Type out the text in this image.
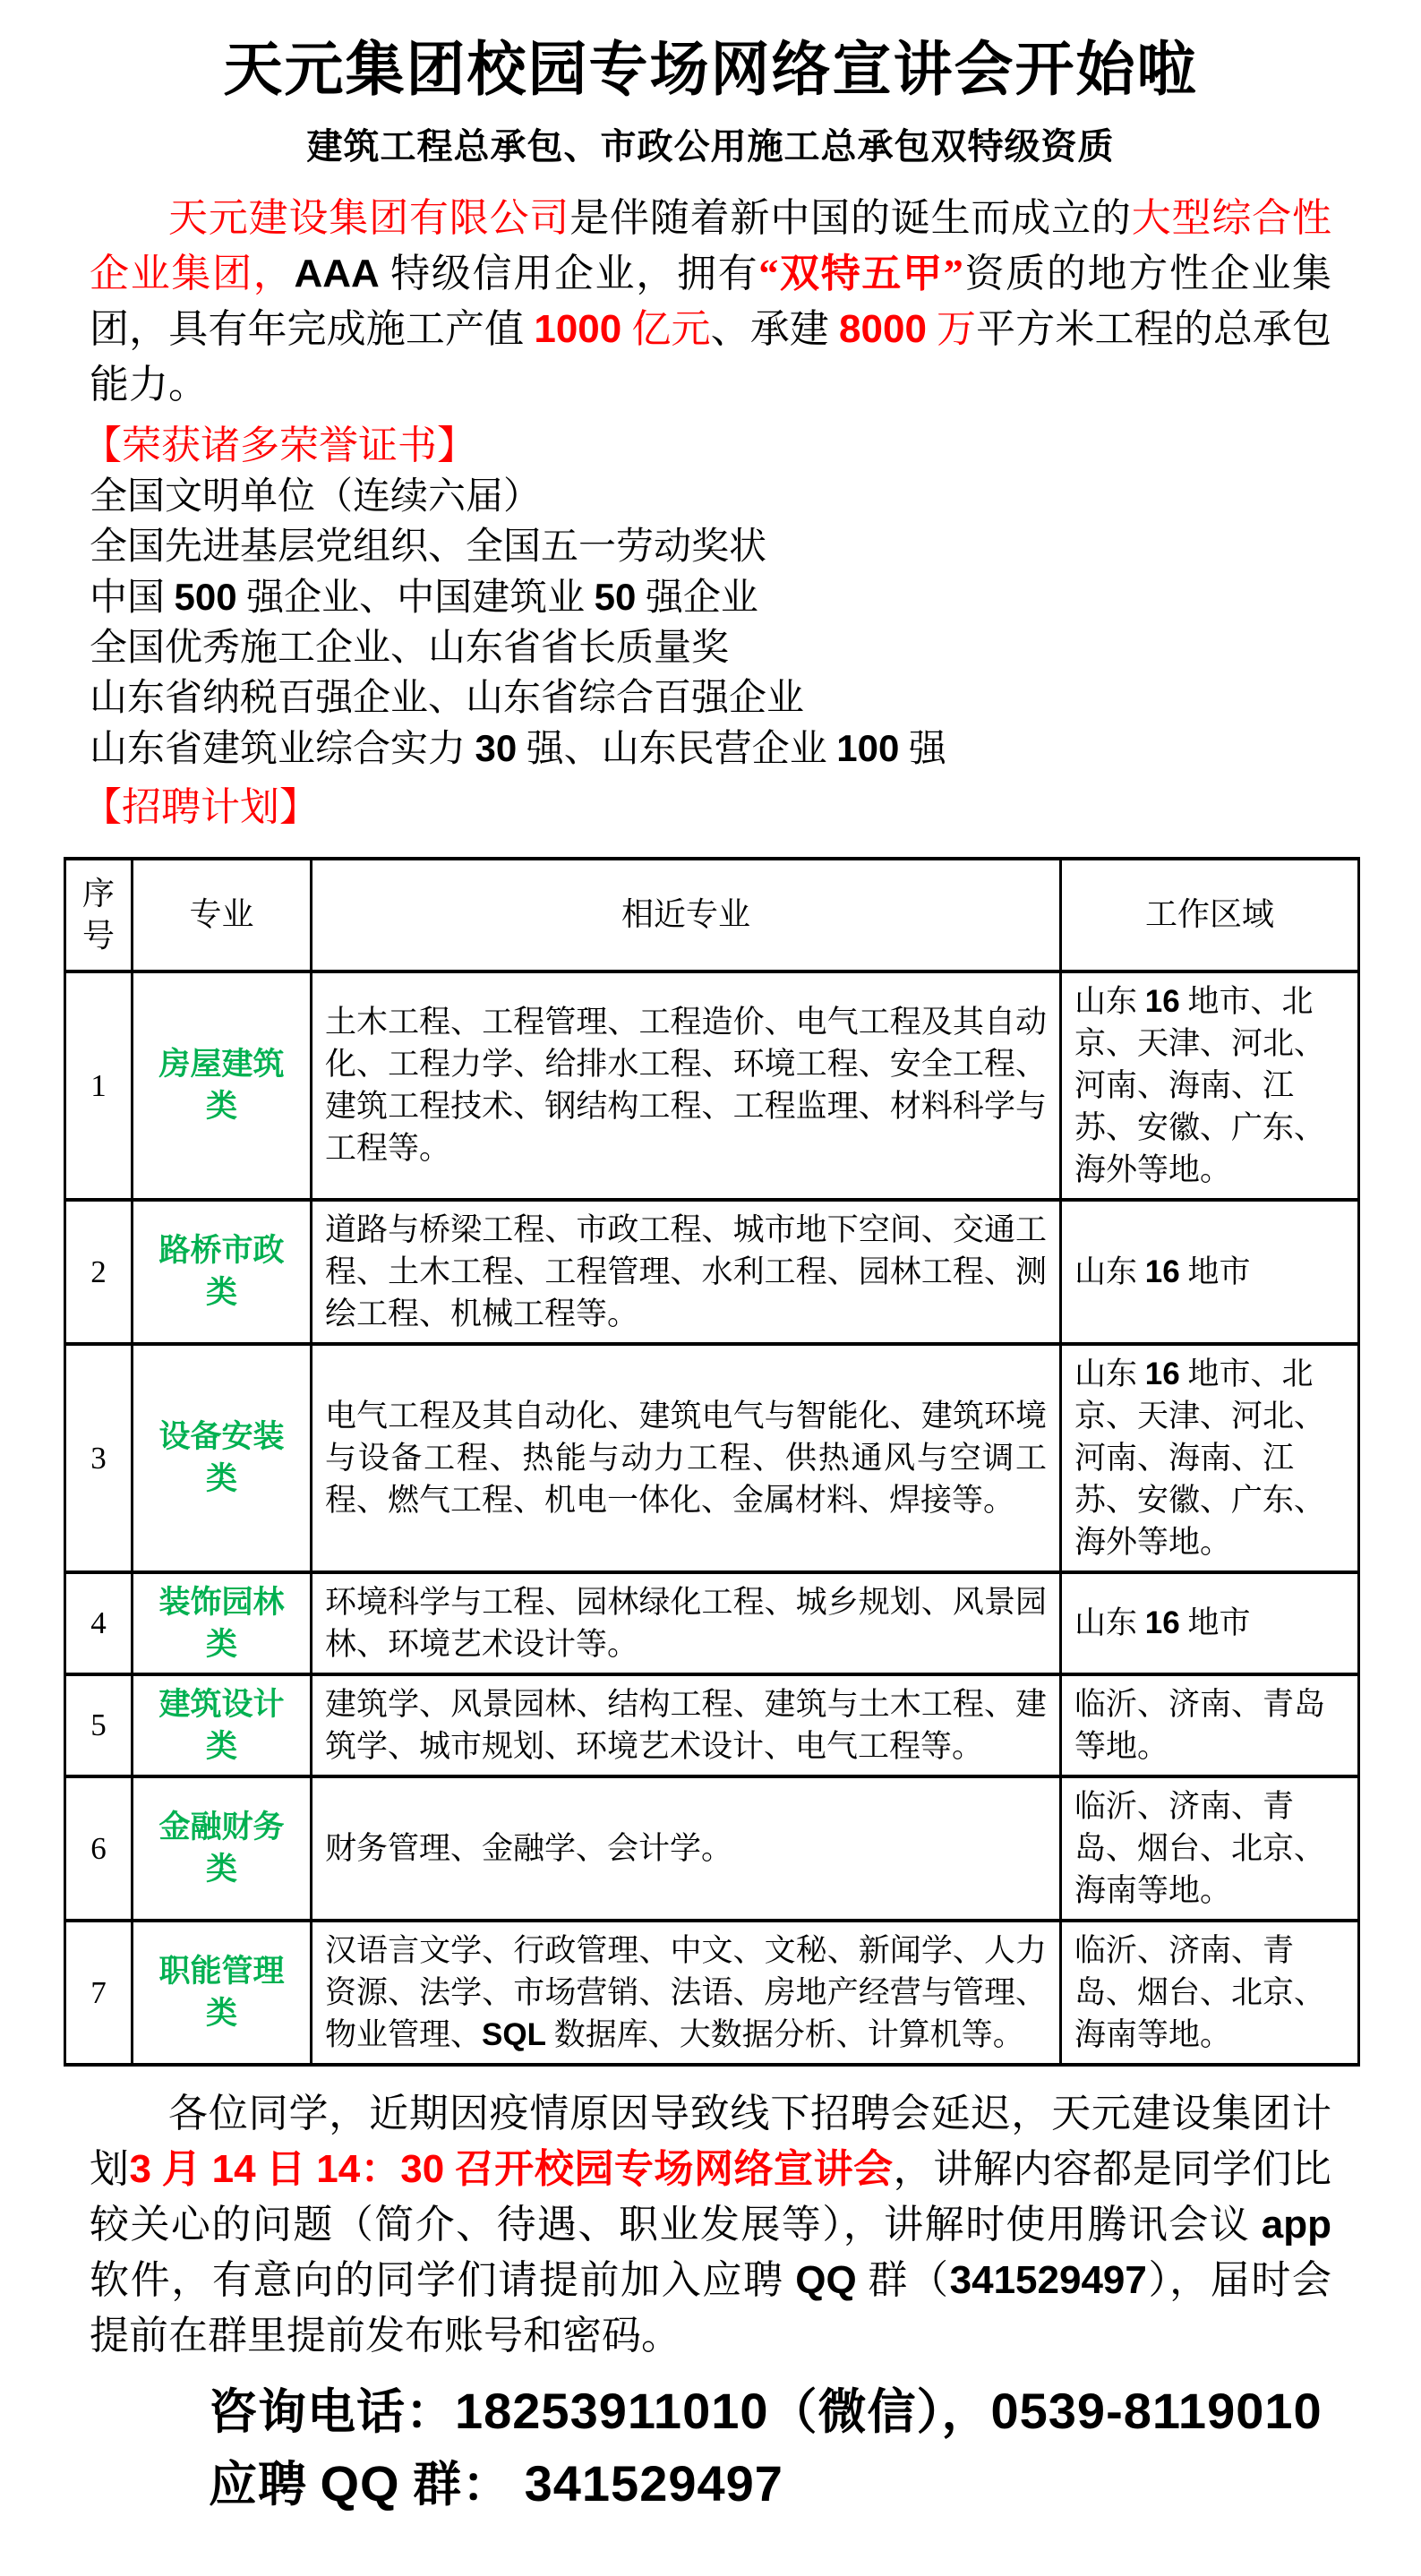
天元集团校园专场网络宣讲会开始啦
建筑工程总承包、市政公用施工总承包双特级资质

天元建设集团有限公司是伴随着新中国的诞生而成立的大型综合性企业集团，AAA 特级信用企业，拥有“双特五甲”资质的地方性企业集团，具有年完成施工产值 1000 亿元、承建 8000 万平方米工程的总承包能力。

【荣获诸多荣誉证书】

全国文明单位（连续六届）

全国先进基层党组织、全国五一劳动奖状

中国 500 强企业、中国建筑业 50 强企业

全国优秀施工企业、山东省省长质量奖

山东省纳税百强企业、山东省综合百强企业

山东省建筑业综合实力 30 强、山东民营企业 100 强

【招聘计划】

序号	专业	相近专业	工作区域
1	房屋建筑类	土木工程、工程管理、工程造价、电气工程及其自动化、工程力学、给排水工程、环境工程、安全工程、建筑工程技术、钢结构工程、工程监理、材料科学与工程等。	山东 16 地市、北京、天津、河北、河南、海南、江苏、安徽、广东、海外等地。
2	路桥市政类	道路与桥梁工程、市政工程、城市地下空间、交通工程、土木工程、工程管理、水利工程、园林工程、测绘工程、机械工程等。	山东 16 地市
3	设备安装类	电气工程及其自动化、建筑电气与智能化、建筑环境与设备工程、热能与动力工程、供热通风与空调工程、燃气工程、机电一体化、金属材料、焊接等。	山东 16 地市、北京、天津、河北、河南、海南、江苏、安徽、广东、海外等地。
4	装饰园林类	环境科学与工程、园林绿化工程、城乡规划、风景园林、环境艺术设计等。	山东 16 地市
5	建筑设计类	建筑学、风景园林、结构工程、建筑与土木工程、建筑学、城市规划、环境艺术设计、电气工程等。	临沂、济南、青岛等地。
6	金融财务类	财务管理、金融学、会计学。	临沂、济南、青岛、烟台、北京、海南等地。
7	职能管理类	汉语言文学、行政管理、中文、文秘、新闻学、人力资源、法学、市场营销、法语、房地产经营与管理、物业管理、SQL 数据库、大数据分析、计算机等。	临沂、济南、青岛、烟台、北京、海南等地。

各位同学，近期因疫情原因导致线下招聘会延迟，天元建设集团计划3 月 14 日 14：30 召开校园专场网络宣讲会，讲解内容都是同学们比较关心的问题（简介、待遇、职业发展等），讲解时使用腾讯会议 app 软件，有意向的同学们请提前加入应聘 QQ 群（341529497），届时会提前在群里提前发布账号和密码。

咨询电话：18253911010（微信），0539-8119010

应聘 QQ 群： 341529497
